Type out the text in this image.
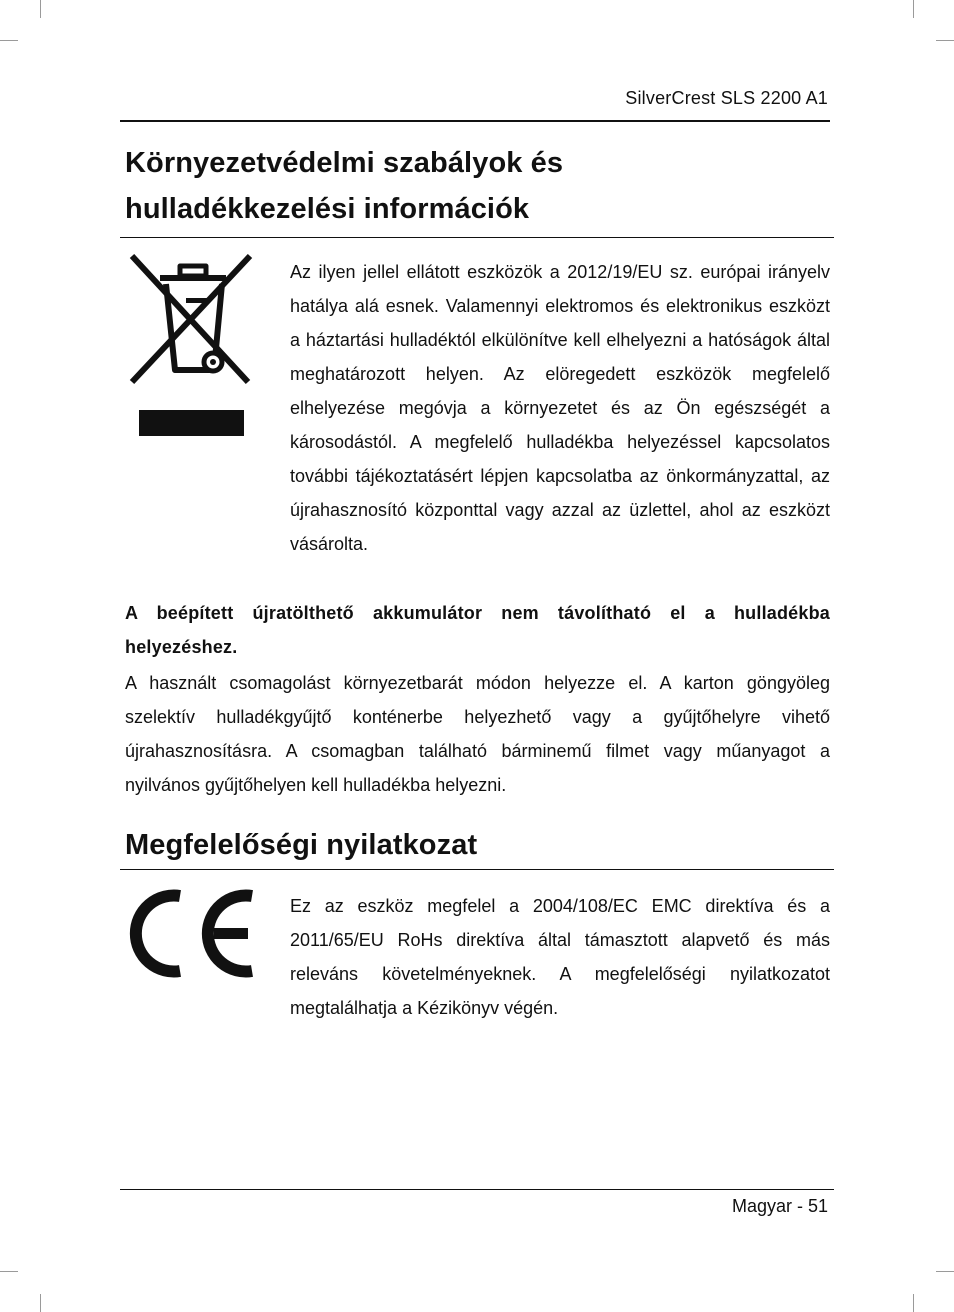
SilverCrest SLS 2200 A1
Környezetvédelmi szabályok és
hulladékkezelési információk

Az ilyen jellel ellátott eszközök a 2012/19/EU sz. európai irányelv hatálya alá esnek. Valamennyi elektromos és elektronikus eszközt a háztartási hulladéktól elkülönítve kell elhelyezni a hatóságok által meghatározott helyen. Az elöregedett eszközök megfelelő elhelyezése megóvja a környezetet és az Ön egészségét a károsodástól. A megfelelő hulladékba helyezéssel kapcsolatos további tájékoztatásért lépjen kapcsolatba az önkormányzattal, az újrahasznosító központtal vagy azzal az üzlettel, ahol az eszközt vásárolta.

A beépített újratölthető akkumulátor nem távolítható el a hulladékba helyezéshez.

A használt csomagolást környezetbarát módon helyezze el. A karton göngyöleg szelektív hulladékgyűjtő konténerbe helyezhető vagy a gyűjtőhelyre vihető újrahasznosításra. A csomagban található bárminemű filmet vagy műanyagot a nyilvános gyűjtőhelyen kell hulladékba helyezni.

Megfelelőségi nyilatkozat

Ez az eszköz megfelel a 2004/108/EC EMC direktíva és a 2011/65/EU RoHs direktíva által támasztott alapvető és más releváns követelményeknek. A megfelelőségi nyilatkozatot megtalálhatja a Kézikönyv végén.

Magyar - 51
